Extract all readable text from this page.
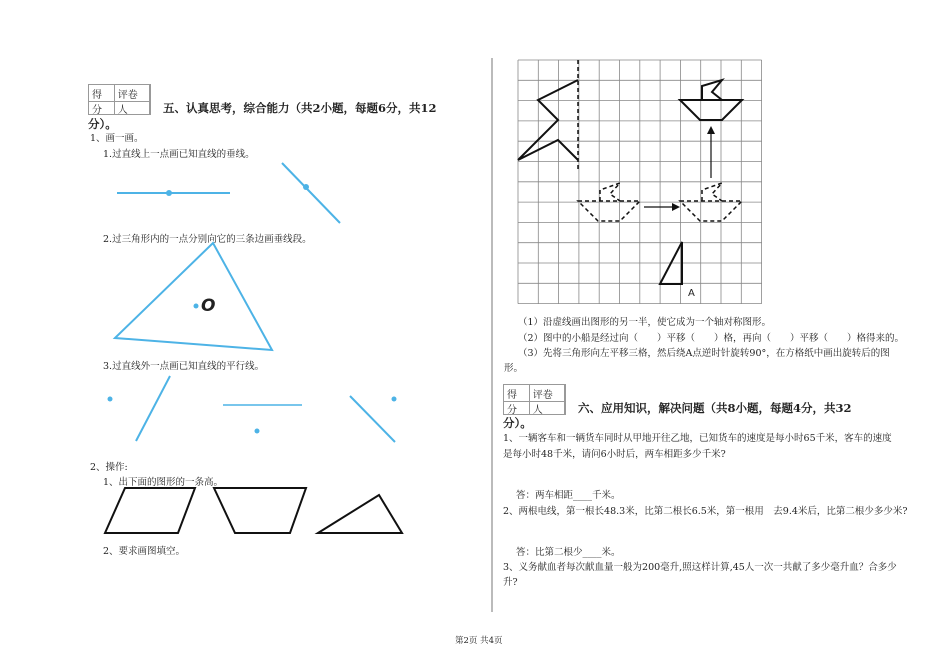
得分
评卷人	五、认真思考，综合能力（共2小题，每题6分，共12
分）。
1、画一画。
1.过直线上一点画已知直线的垂线。
2.过三角形内的一点分别向它的三条边画垂线段。
O
3.过直线外一点画已知直线的平行线。
2、操作:
1、出下面的图形的一条高。
2、要求画图填空。
A
（1）沿虚线画出图形的另一半，使它成为一个轴对称图形。
（2）图中的小船是经过向（　　）平移（　　）格，再向（　　）平移（　　）格得来的。
（3）先将三角形向左平移三格，然后绕A点逆时针旋转90°，在方格纸中画出旋转后的图
形。
得分
评卷人	六、应用知识，解决问题（共8小题，每题4分，共32
分）。
1、一辆客车和一辆货车同时从甲地开往乙地，已知货车的速度是每小时65千米，客车的速度
是每小时48千米，请问6小时后，两车相距多少千米?
答：两车相距____千米。
2、两根电线，第一根长48.3米，比第二根长6.5米，第一根用　去9.4米后，比第二根少多少米?
答：比第二根少____米。
3、义务献血者每次献血量一般为200毫升,照这样计算,45人一次一共献了多少毫升血？合多少
升?
第2页 共4页
